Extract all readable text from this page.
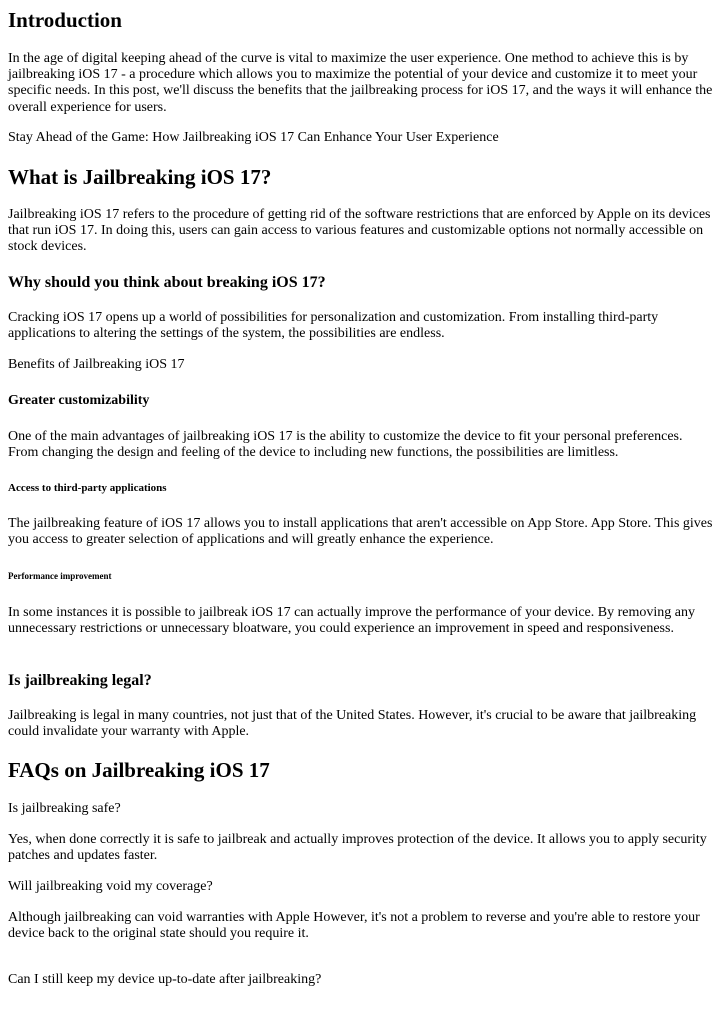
Introduction

In the age of digital keeping ahead of the curve is vital to maximize the user experience. One method to achieve this is by jailbreaking iOS 17 - a procedure which allows you to maximize the potential of your device and customize it to meet your specific needs. In this post, we'll discuss the benefits that the jailbreaking process for iOS 17, and the ways it will enhance the overall experience for users.

Stay Ahead of the Game: How Jailbreaking iOS 17 Can Enhance Your User Experience

What is Jailbreaking iOS 17?

Jailbreaking iOS 17 refers to the procedure of getting rid of the software restrictions that are enforced by Apple on its devices that run iOS 17. In doing this, users can gain access to various features and customizable options not normally accessible on stock devices.

Why should you think about breaking iOS 17?

Cracking iOS 17 opens up a world of possibilities for personalization and customization. From installing third-party applications to altering the settings of the system, the possibilities are endless.

Benefits of Jailbreaking iOS 17

Greater customizability

One of the main advantages of jailbreaking iOS 17 is the ability to customize the device to fit your personal preferences. From changing the design and feeling of the device to including new functions, the possibilities are limitless.

Access to third-party applications

The jailbreaking feature of iOS 17 allows you to install applications that aren't accessible on App Store. App Store. This gives you access to greater selection of applications and will greatly enhance the experience.

Performance improvement

In some instances it is possible to jailbreak iOS 17 can actually improve the performance of your device. By removing any unnecessary restrictions or unnecessary bloatware, you could experience an improvement in speed and responsiveness.

Is jailbreaking legal?

Jailbreaking is legal in many countries, not just that of the United States. However, it's crucial to be aware that jailbreaking could invalidate your warranty with Apple.

FAQs on Jailbreaking iOS 17

Is jailbreaking safe?

Yes, when done correctly it is safe to jailbreak and actually improves protection of the device. It allows you to apply security patches and updates faster.

Will jailbreaking void my coverage?

Although jailbreaking can void warranties with Apple However, it's not a problem to reverse and you're able to restore your device back to the original state should you require it.

Can I still keep my device up-to-date after jailbreaking?
